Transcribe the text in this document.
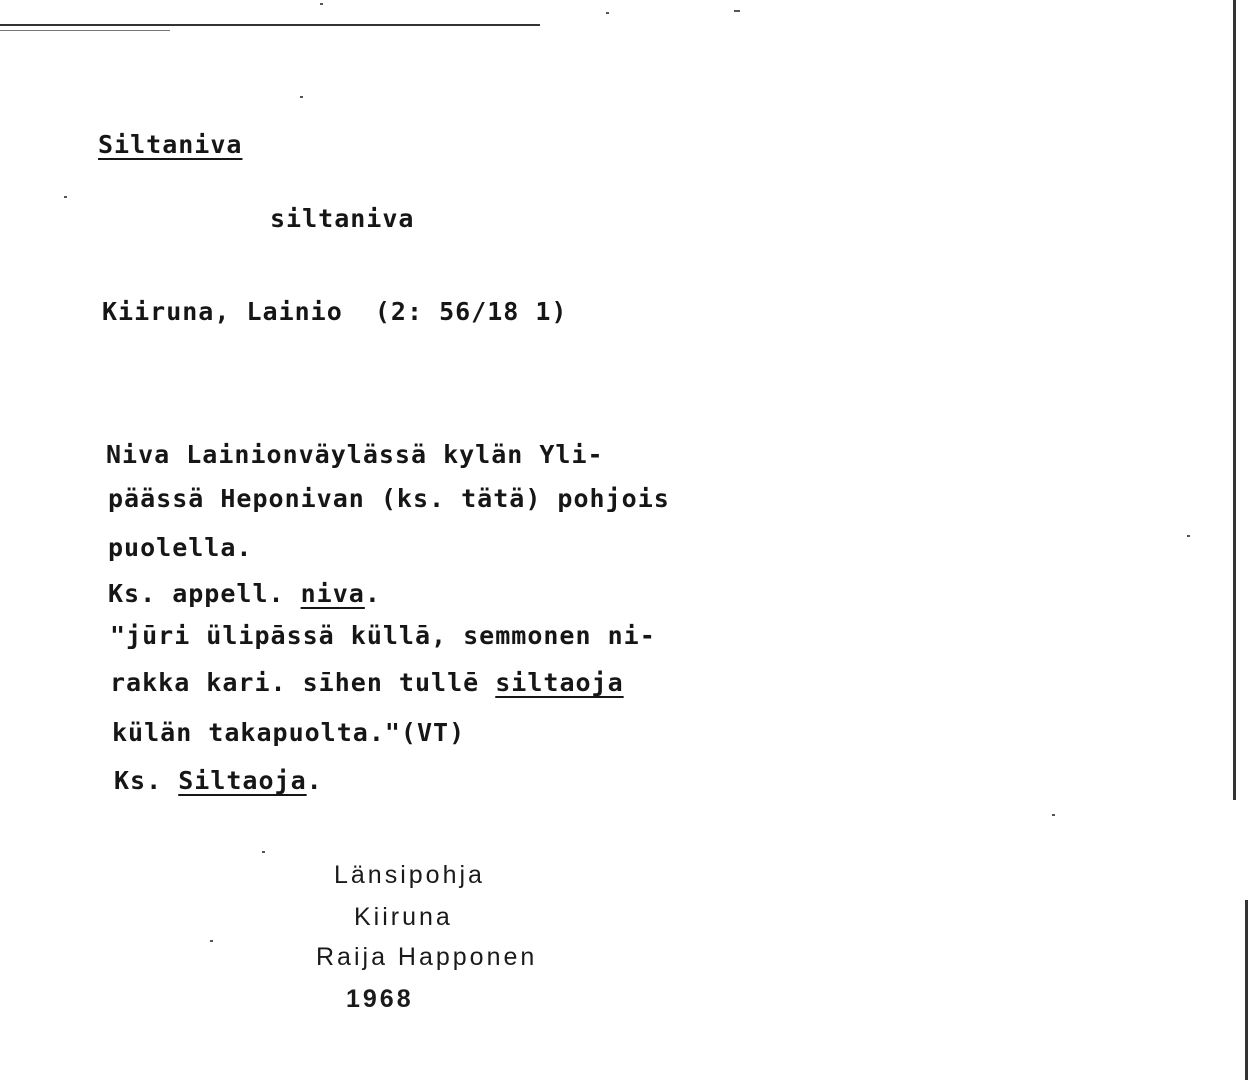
Siltaniva
siltaniva
Kiiruna, Lainio  (2: 56/18 1)
Niva Lainionväylässä kylän Yli-
päässä Heponivan (ks. tätä) pohjois
puolella.
Ks. appell. niva.
"jūri ülipāssä küllā, semmonen ni-
rakka kari. sīhen tullē siltaoja
külän takapuolta."(VT)
Ks. Siltaoja.
Länsipohja
Kiiruna
Raija Happonen
1968
